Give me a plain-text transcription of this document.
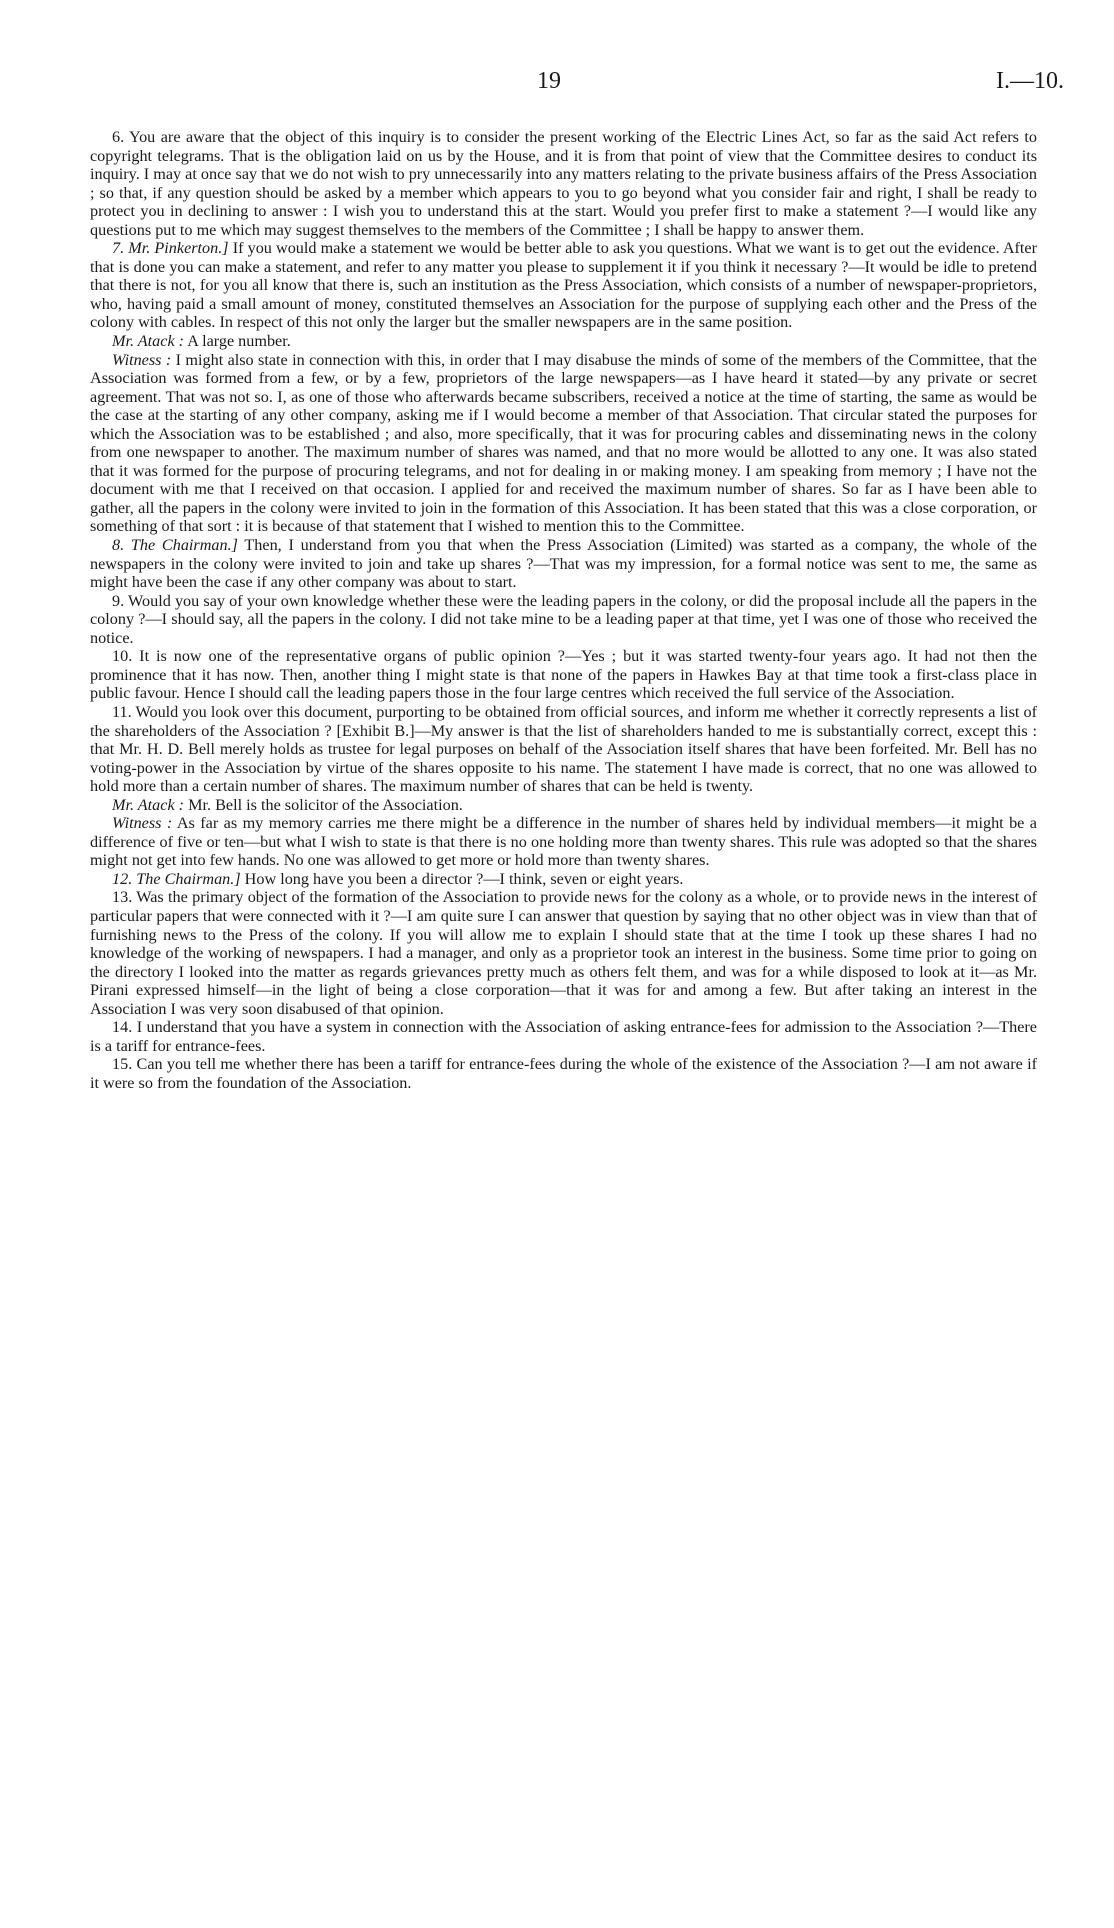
19	I.—10.

6. You are aware that the object of this inquiry is to consider the present working of the Electric Lines Act, so far as the said Act refers to copyright telegrams. That is the obligation laid on us by the House, and it is from that point of view that the Committee desires to conduct its inquiry. I may at once say that we do not wish to pry unnecessarily into any matters relating to the private business affairs of the Press Association ; so that, if any question should be asked by a member which appears to you to go beyond what you consider fair and right, I shall be ready to protect you in declining to answer : I wish you to understand this at the start. Would you prefer first to make a statement ?—I would like any questions put to me which may suggest themselves to the members of the Committee ; I shall be happy to answer them.

7. Mr. Pinkerton.] If you would make a statement we would be better able to ask you questions. What we want is to get out the evidence. After that is done you can make a statement, and refer to any matter you please to supplement it if you think it necessary ?—It would be idle to pretend that there is not, for you all know that there is, such an institution as the Press Association, which consists of a number of newspaper-proprietors, who, having paid a small amount of money, constituted themselves an Association for the purpose of supplying each other and the Press of the colony with cables. In respect of this not only the larger but the smaller newspapers are in the same position.

Mr. Atack : A large number.

Witness : I might also state in connection with this, in order that I may disabuse the minds of some of the members of the Committee, that the Association was formed from a few, or by a few, proprietors of the large newspapers—as I have heard it stated—by any private or secret agreement. That was not so. I, as one of those who afterwards became subscribers, received a notice at the time of starting, the same as would be the case at the starting of any other company, asking me if I would become a member of that Association. That circular stated the purposes for which the Association was to be established ; and also, more specifically, that it was for procuring cables and disseminating news in the colony from one newspaper to another. The maximum number of shares was named, and that no more would be allotted to any one. It was also stated that it was formed for the purpose of procuring telegrams, and not for dealing in or making money. I am speaking from memory ; I have not the document with me that I received on that occasion. I applied for and received the maximum number of shares. So far as I have been able to gather, all the papers in the colony were invited to join in the formation of this Association. It has been stated that this was a close corporation, or something of that sort : it is because of that statement that I wished to mention this to the Committee.

8. The Chairman.] Then, I understand from you that when the Press Association (Limited) was started as a company, the whole of the newspapers in the colony were invited to join and take up shares ?—That was my impression, for a formal notice was sent to me, the same as might have been the case if any other company was about to start.

9. Would you say of your own knowledge whether these were the leading papers in the colony, or did the proposal include all the papers in the colony ?—I should say, all the papers in the colony. I did not take mine to be a leading paper at that time, yet I was one of those who received the notice.

10. It is now one of the representative organs of public opinion ?—Yes ; but it was started twenty-four years ago. It had not then the prominence that it has now. Then, another thing I might state is that none of the papers in Hawkes Bay at that time took a first-class place in public favour. Hence I should call the leading papers those in the four large centres which received the full service of the Association.

11. Would you look over this document, purporting to be obtained from official sources, and inform me whether it correctly represents a list of the shareholders of the Association ? [Exhibit B.]—My answer is that the list of shareholders handed to me is substantially correct, except this : that Mr. H. D. Bell merely holds as trustee for legal purposes on behalf of the Association itself shares that have been forfeited. Mr. Bell has no voting-power in the Association by virtue of the shares opposite to his name. The statement I have made is correct, that no one was allowed to hold more than a certain number of shares. The maximum number of shares that can be held is twenty.

Mr. Atack : Mr. Bell is the solicitor of the Association.

Witness : As far as my memory carries me there might be a difference in the number of shares held by individual members—it might be a difference of five or ten—but what I wish to state is that there is no one holding more than twenty shares. This rule was adopted so that the shares might not get into few hands. No one was allowed to get more or hold more than twenty shares.

12. The Chairman.] How long have you been a director ?—I think, seven or eight years.

13. Was the primary object of the formation of the Association to provide news for the colony as a whole, or to provide news in the interest of particular papers that were connected with it ?—I am quite sure I can answer that question by saying that no other object was in view than that of furnishing news to the Press of the colony. If you will allow me to explain I should state that at the time I took up these shares I had no knowledge of the working of newspapers. I had a manager, and only as a proprietor took an interest in the business. Some time prior to going on the directory I looked into the matter as regards grievances pretty much as others felt them, and was for a while disposed to look at it—as Mr. Pirani expressed himself—in the light of being a close corporation—that it was for and among a few. But after taking an interest in the Association I was very soon disabused of that opinion.

14. I understand that you have a system in connection with the Association of asking entrance-fees for admission to the Association ?—There is a tariff for entrance-fees.

15. Can you tell me whether there has been a tariff for entrance-fees during the whole of the existence of the Association ?—I am not aware if it were so from the foundation of the Association.
